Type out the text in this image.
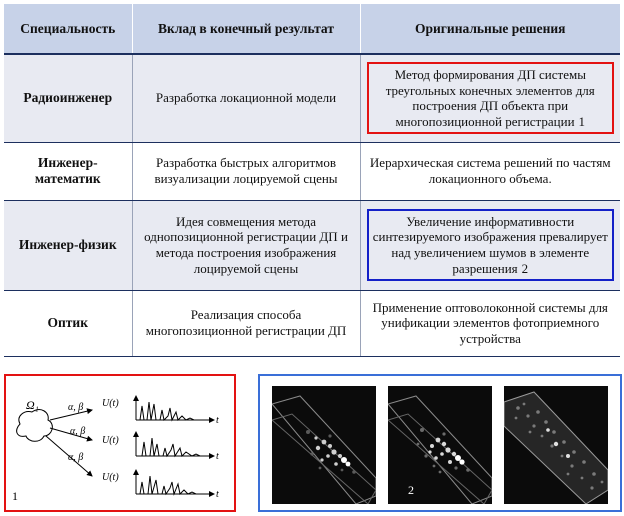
Специальность	Вклад в конечный результат	Оригинальные решения
Радиоинженер	Разработка локационной модели	Метод формирования ДП системы треугольных конечных элементов для построения ДП объекта при многопозиционной регистрации 1

Инженер-математик	Разработка быстрых алгоритмов визуализации лоцируемой сцены	Иерархическая система решений по частям локационного объема.
Инженер-физик	Идея совмещения метода однопозиционной регистрации ДП и метода построения изображения лоцируемой сцены	Увеличение информативности синтезируемого изображения превалирует над увеличением шумов в элементе разрешения 2

Оптик	Реализация способа многопозиционной регистрации ДП	Применение оптоволоконной системы для унификации элементов фотоприемного устройства
Ω₁	α, β
α, β
α, β
U(t)
t
U(t)
t
U(t)
t
1	2
